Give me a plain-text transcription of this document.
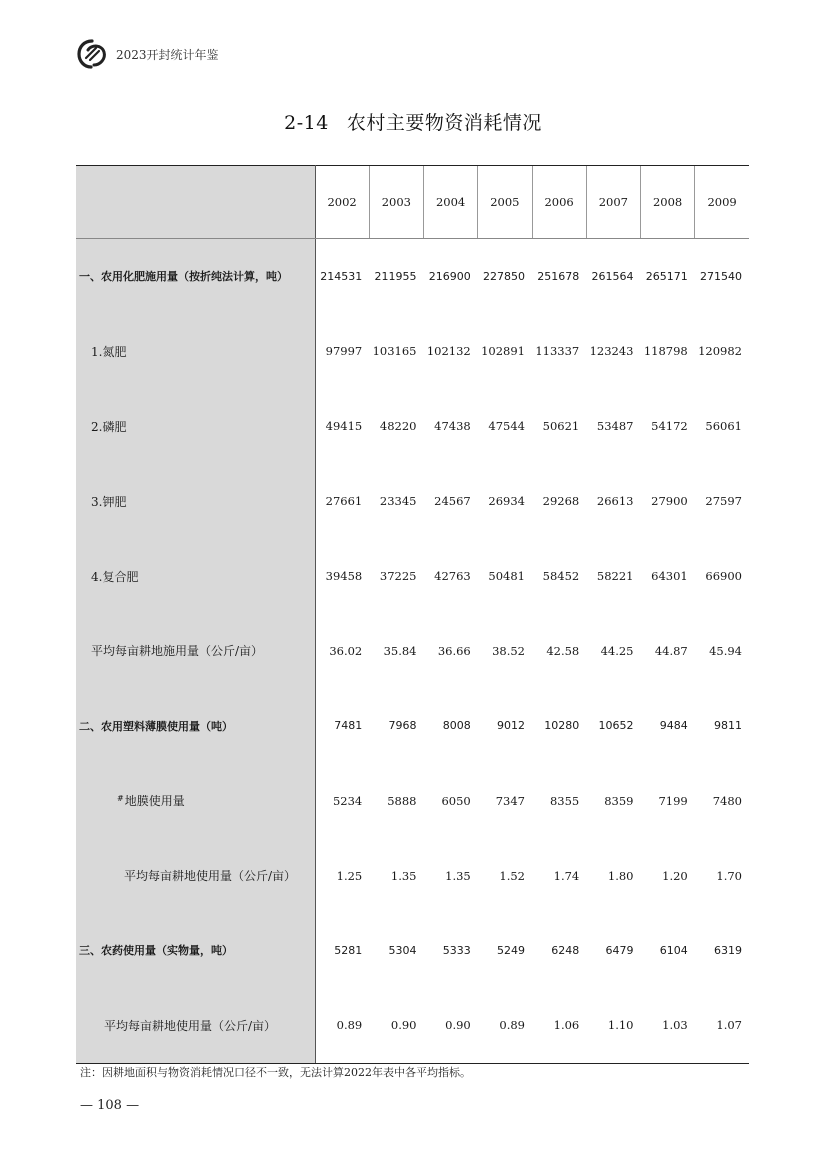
2023开封统计年鉴
2-14 农村主要物资消耗情况
	2002	2003	2004	2005	2006	2007	2008	2009
一、农用化肥施用量（按折纯法计算，吨）	214531	211955	216900	227850	251678	261564	265171	271540
1.氮肥	97997	103165	102132	102891	113337	123243	118798	120982
2.磷肥	49415	48220	47438	47544	50621	53487	54172	56061
3.钾肥	27661	23345	24567	26934	29268	26613	27900	27597
4.复合肥	39458	37225	42763	50481	58452	58221	64301	66900
平均每亩耕地施用量（公斤/亩）	36.02	35.84	36.66	38.52	42.58	44.25	44.87	45.94
二、农用塑料薄膜使用量（吨）	7481	7968	8008	9012	10280	10652	9484	9811
#地膜使用量	5234	5888	6050	7347	8355	8359	7199	7480
平均每亩耕地使用量（公斤/亩）	1.25	1.35	1.35	1.52	1.74	1.80	1.20	1.70
三、农药使用量（实物量，吨）	5281	5304	5333	5249	6248	6479	6104	6319
平均每亩耕地使用量（公斤/亩）	0.89	0.90	0.90	0.89	1.06	1.10	1.03	1.07
注：因耕地面积与物资消耗情况口径不一致，无法计算2022年表中各平均指标。
— 108 —
